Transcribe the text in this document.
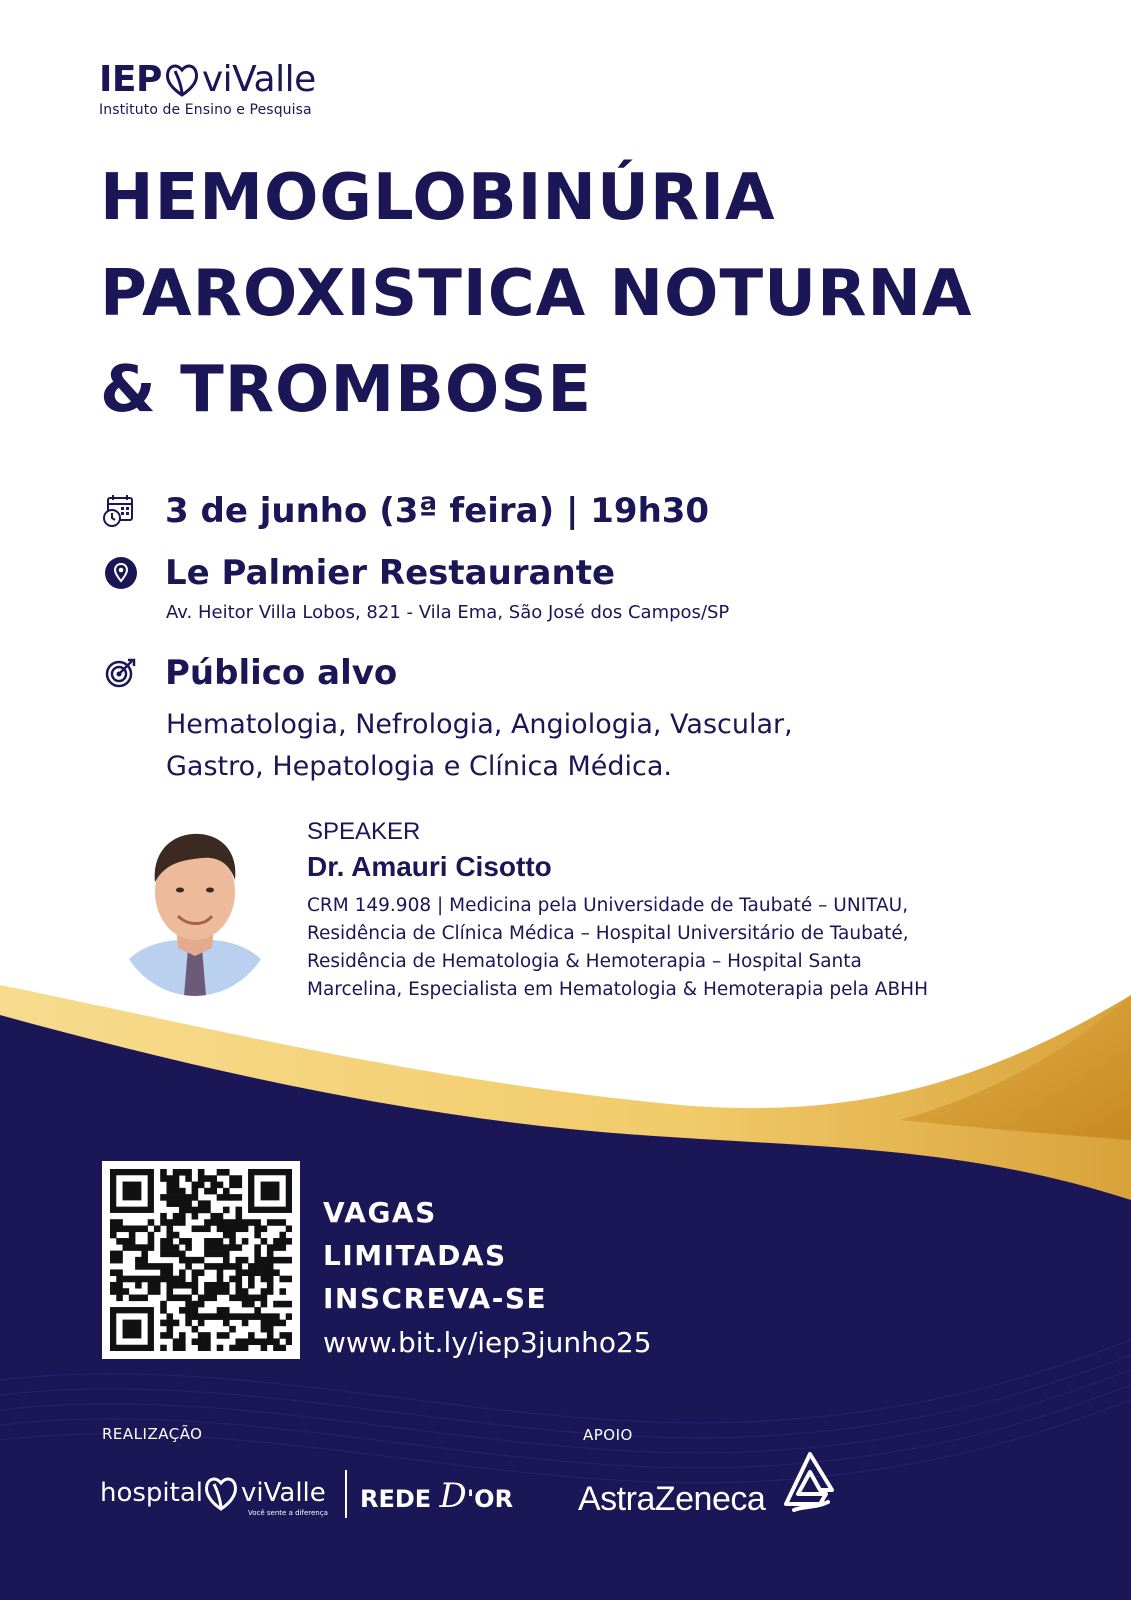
IEP viValle
Instituto de Ensino e Pesquisa
HEMOGLOBINÚRIA
PAROXISTICA NOTURNA
& TROMBOSE
3 de junho (3ª feira) | 19h30
Le Palmier Restaurante
Av. Heitor Villa Lobos, 821 - Vila Ema, São José dos Campos/SP
Público alvo
Hematologia, Nefrologia, Angiologia, Vascular,
Gastro, Hepatologia e Clínica Médica.
SPEAKER
Dr. Amauri Cisotto
CRM 149.908 | Medicina pela Universidade de Taubaté – UNITAU,
Residência de Clínica Médica – Hospital Universitário de Taubaté,
Residência de Hematologia & Hemoterapia – Hospital Santa
Marcelina, Especialista em Hematologia & Hemoterapia pela ABHH
VAGAS
LIMITADAS
INSCREVA-SE
www.bit.ly/iep3junho25
REALIZAÇÃO	APOIO
hospital viValle
Você sente a diferença REDE D'OR AstraZeneca
